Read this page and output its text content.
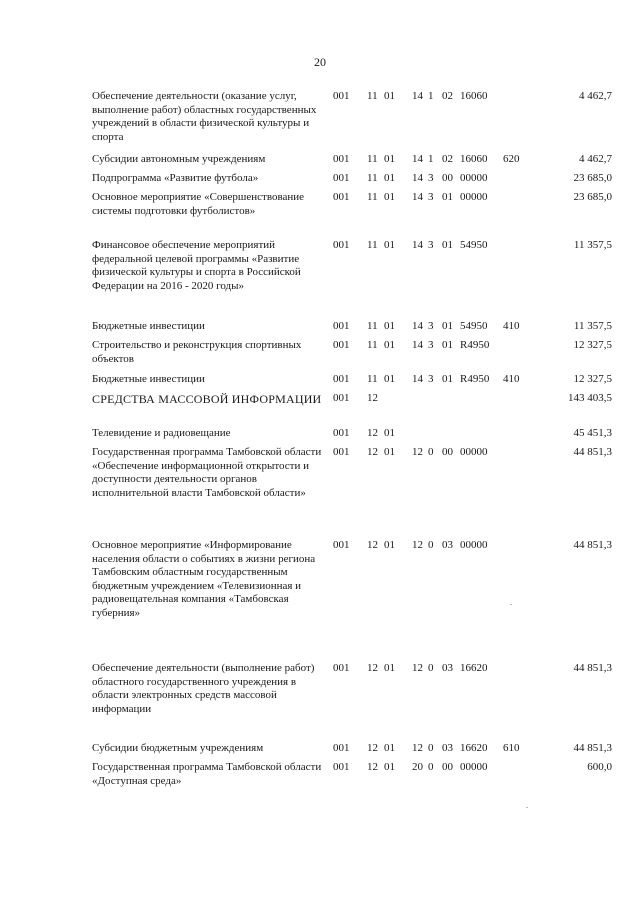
20
Обеспечение деятельности (оказание услуг, выполнение работ) областных государственных учреждений в области физической культуры и спорта
001 11 01 14 1 02 16060	4 462,7
Субсидии автономным учреждениям	001 11 01 14 1 02 16060 620	4 462,7
Подпрограмма «Развитие футбола»	001 11 01 14 3 00 00000	23 685,0
Основное мероприятие «Совершенствование системы подготовки футболистов»
001 11 01 14 3 01 00000	23 685,0
Финансовое обеспечение мероприятий федеральной целевой программы «Развитие физической культуры и спорта в Российской Федерации на 2016 - 2020 годы»
001 11 01 14 3 01 54950	11 357,5
Бюджетные инвестиции	001 11 01 14 3 01 54950 410	11 357,5
Строительство и реконструкция спортивных объектов
001 11 01 14 3 01 R4950	12 327,5
Бюджетные инвестиции	001 11 01 14 3 01 R4950 410	12 327,5
СРЕДСТВА МАССОВОЙ ИНФОРМАЦИИ 001 12	143 403,5
Телевидение и радиовещание	001 12 01	45 451,3
Государственная программа Тамбовской области «Обеспечение информационной открытости и доступности деятельности органов исполнительной власти Тамбовской области»
001 12 01 12 0 00 00000	44 851,3
Основное мероприятие «Информирование населения области о событиях в жизни региона Тамбовским областным государственным бюджетным учреждением «Телевизионная и радиовещательная компания «Тамбовская губерния»
001 12 01 12 0 03 00000	44 851,3
Обеспечение деятельности (выполнение работ) областного государственного учреждения в области электронных средств массовой информации
001 12 01 12 0 03 16620	44 851,3
Субсидии бюджетным учреждениям	001 12 01 12 0 03 16620 610	44 851,3
Государственная программа Тамбовской области «Доступная среда»
001 12 01 20 0 00 00000	600,0
